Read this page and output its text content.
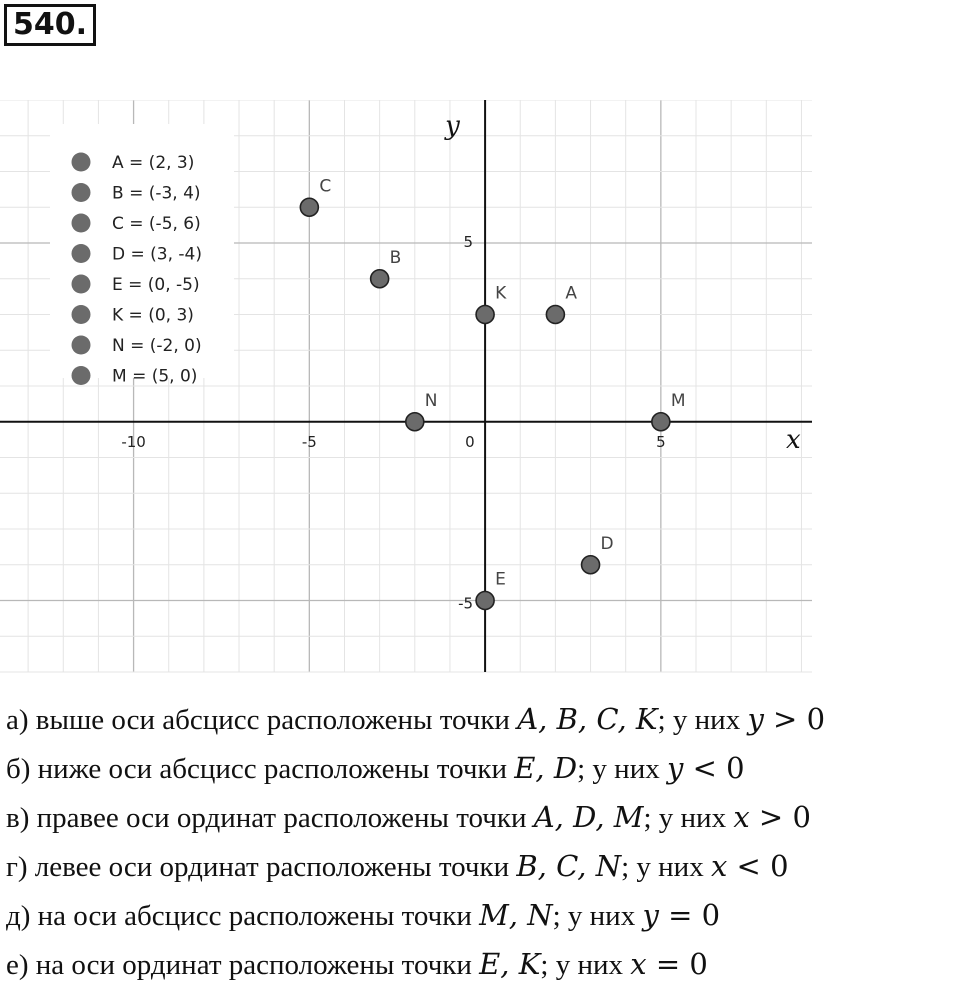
540.
A = (2, 3)
B = (-3, 4)
C = (-5, 6)
D = (3, -4)
E = (0, -5)
K = (0, 3)
N = (-2, 0)
M = (5, 0)
x
y
-10	-5	0	5
5
-5
A
B
C
D
E
K
N	M
а) выше оси абсцисс расположены точки A, B, C, K; у них y > 0
б) ниже оси абсцисс расположены точки E, D; у них y < 0
в) правее оси ординат расположены точки A, D, M; у них x > 0
г) левее оси ординат расположены точки B, C, N; у них x < 0
д) на оси абсцисс расположены точки M, N; у них y = 0
е) на оси ординат расположены точки E, K; у них x = 0
